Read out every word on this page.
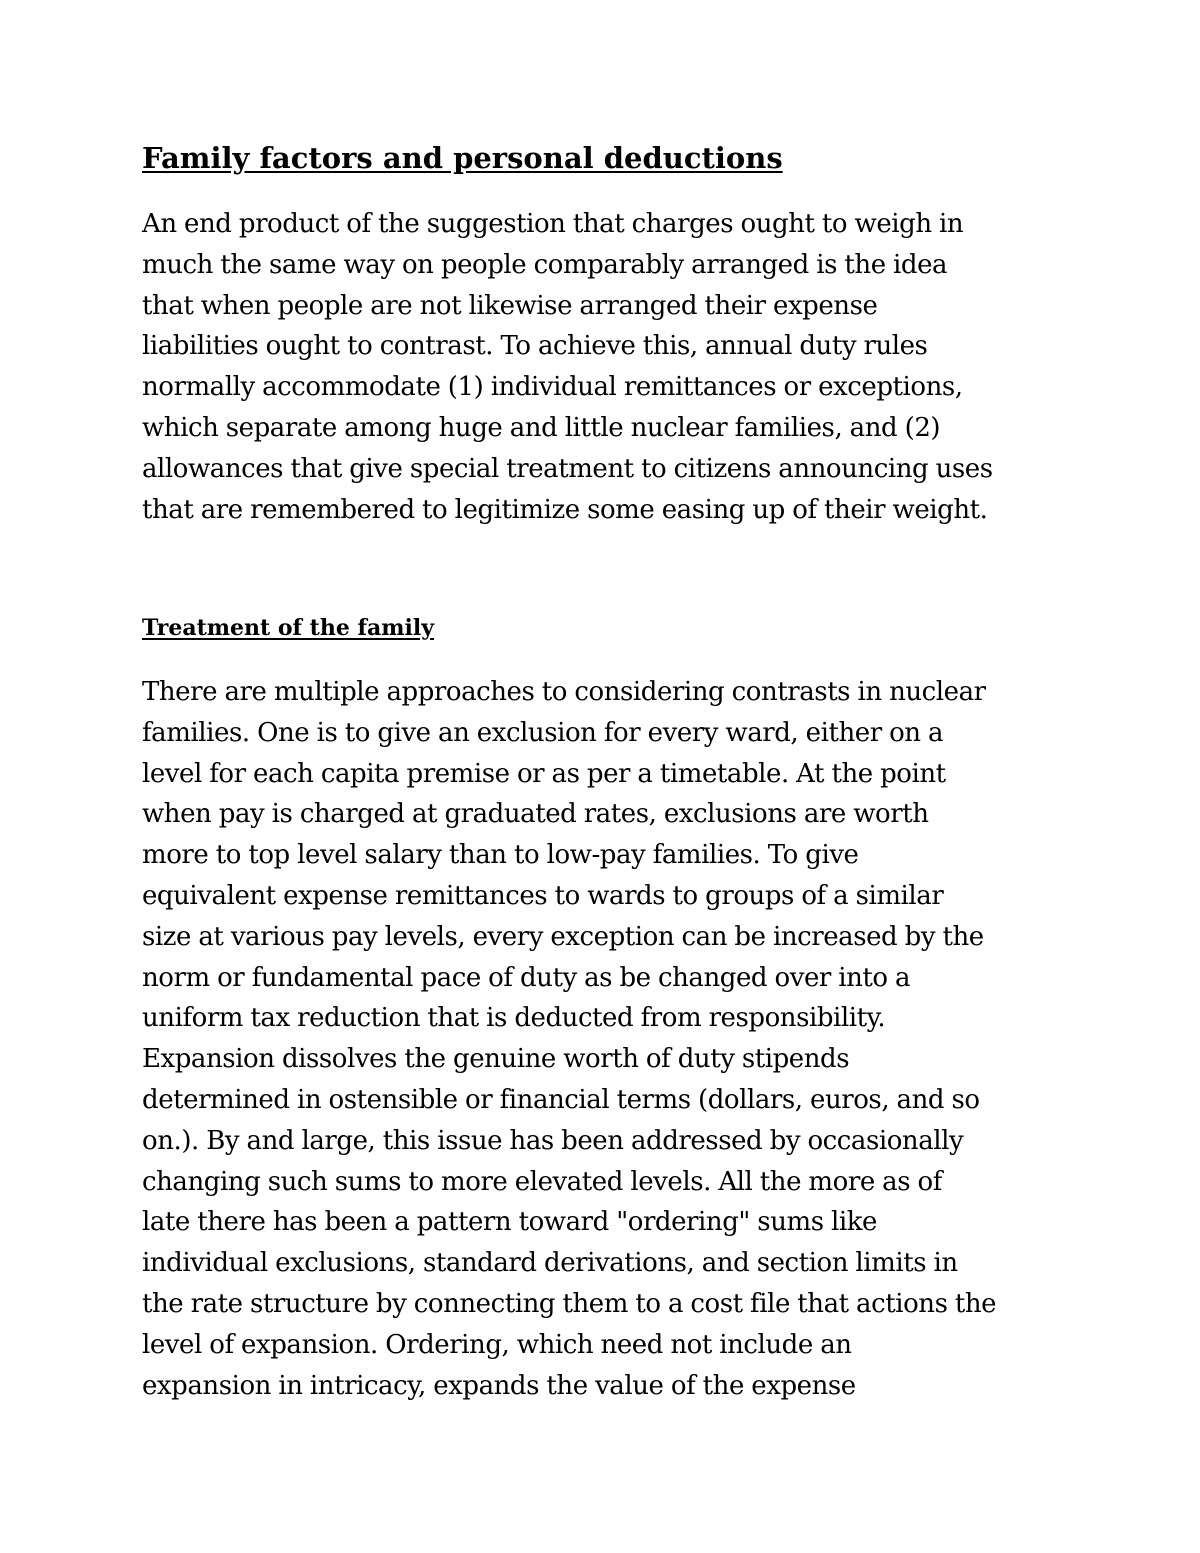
Family factors and personal deductions
An end product of the suggestion that charges ought to weigh in
much the same way on people comparably arranged is the idea
that when people are not likewise arranged their expense
liabilities ought to contrast. To achieve this, annual duty rules
normally accommodate (1) individual remittances or exceptions,
which separate among huge and little nuclear families, and (2)
allowances that give special treatment to citizens announcing uses
that are remembered to legitimize some easing up of their weight.
Treatment of the family
There are multiple approaches to considering contrasts in nuclear
families. One is to give an exclusion for every ward, either on a
level for each capita premise or as per a timetable. At the point
when pay is charged at graduated rates, exclusions are worth
more to top level salary than to low-pay families. To give
equivalent expense remittances to wards to groups of a similar
size at various pay levels, every exception can be increased by the
norm or fundamental pace of duty as be changed over into a
uniform tax reduction that is deducted from responsibility.
Expansion dissolves the genuine worth of duty stipends
determined in ostensible or financial terms (dollars, euros, and so
on.). By and large, this issue has been addressed by occasionally
changing such sums to more elevated levels. All the more as of
late there has been a pattern toward "ordering" sums like
individual exclusions, standard derivations, and section limits in
the rate structure by connecting them to a cost file that actions the
level of expansion. Ordering, which need not include an
expansion in intricacy, expands the value of the expense
